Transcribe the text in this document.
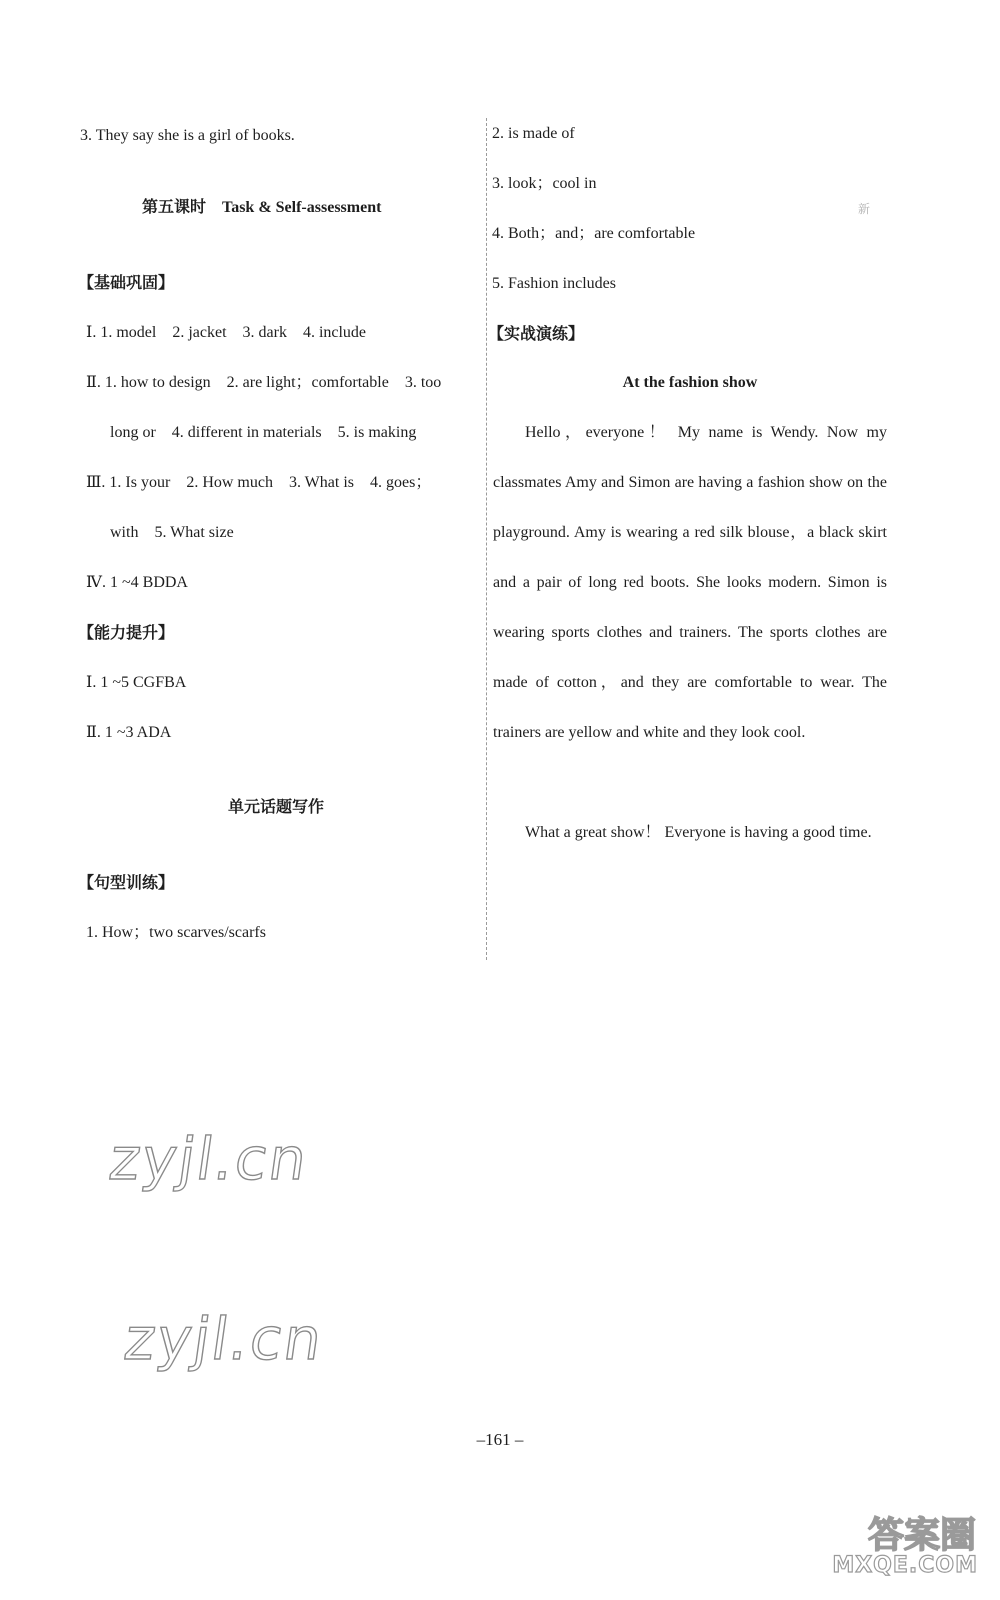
3. They say she is a girl of books.
第五课时　Task & Self-assessment
【基础巩固】
Ⅰ. 1. model　2. jacket　3. dark　4. include
Ⅱ. 1. how to design　2. are light；comfortable　3. too
long or　4. different in materials　5. is making
Ⅲ. 1. Is your　2. How much　3. What is　4. goes；
with　5. What size
Ⅳ. 1 ~4 BDDA
【能力提升】
Ⅰ. 1 ~5 CGFBA
Ⅱ. 1 ~3 ADA
单元话题写作
【句型训练】
1. How；two scarves/scarfs
2. is made of
3. look；cool in
4. Both；and；are comfortable
5. Fashion includes
【实战演练】
At the fashion show
Hello，everyone！ My name is Wendy. Now my classmates Amy and Simon are having a fashion show on the playground. Amy is wearing a red silk blouse，a black skirt and a pair of long red boots. She looks modern. Simon is wearing sports clothes and trainers. The sports clothes are made of cotton，and they are comfortable to wear. The trainers are yellow and white and they look cool.
What a great show！ Everyone is having a good time.
新
zyjl.cn
zyjl.cn
–161 –
答案圈
MXQE.COM
